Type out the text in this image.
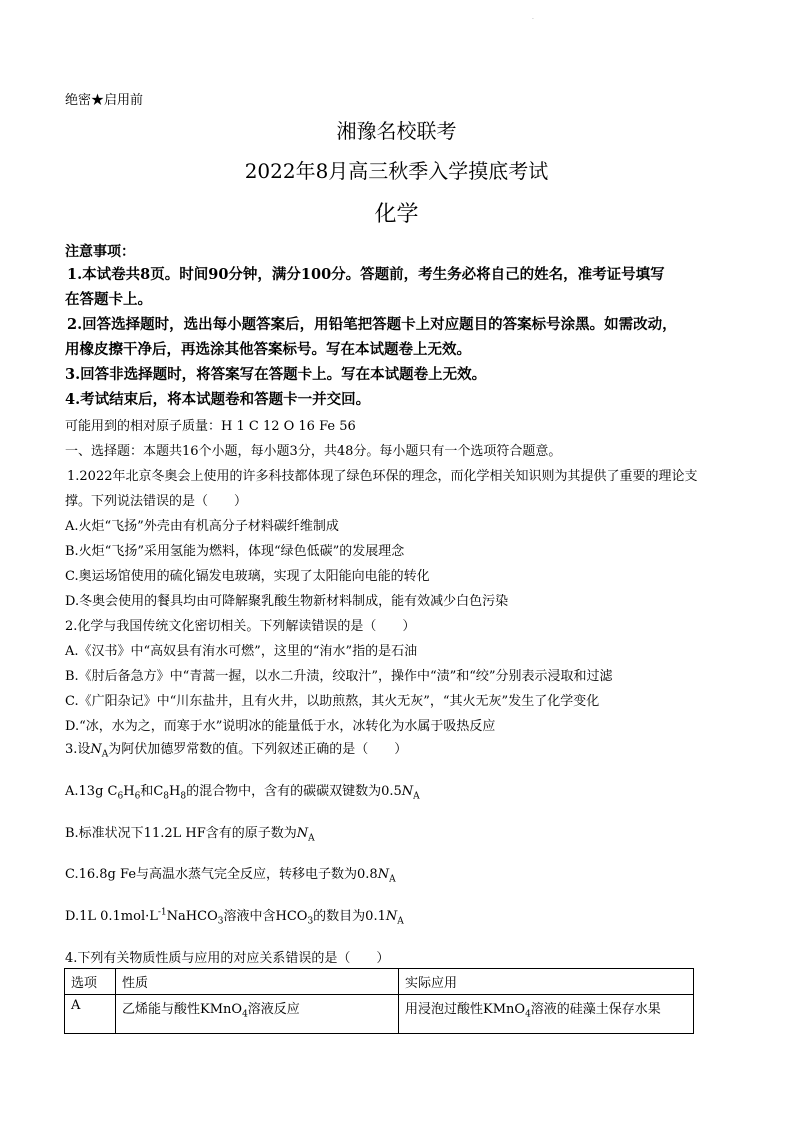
·
绝密★启用前
湘豫名校联考
2022年8月高三秋季入学摸底考试
化学
注意事项：
1.本试卷共8页。时间90分钟，满分100分。答题前，考生务必将自己的姓名，准考证号填写
在答题卡上。
2.回答选择题时，选出每小题答案后，用铅笔把答题卡上对应题目的答案标号涂黑。如需改动，
用橡皮擦干净后，再选涂其他答案标号。写在本试题卷上无效。
3.回答非选择题时，将答案写在答题卡上。写在本试题卷上无效。
4.考试结束后，将本试题卷和答题卡一并交回。
可能用到的相对原子质量：H 1 C 12 O 16 Fe 56
一、选择题：本题共16个小题，每小题3分，共48分。每小题只有一个选项符合题意。
1.2022年北京冬奥会上使用的许多科技都体现了绿色环保的理念，而化学相关知识则为其提供了重要的理论支
撑。下列说法错误的是（　　）
A.火炬“飞扬”外壳由有机高分子材料碳纤维制成
B.火炬“飞扬”采用氢能为燃料，体现“绿色低碳”的发展理念
C.奥运场馆使用的硫化镉发电玻璃，实现了太阳能向电能的转化
D.冬奥会使用的餐具均由可降解聚乳酸生物新材料制成，能有效减少白色污染
2.化学与我国传统文化密切相关。下列解读错误的是（　　）
A.《汉书》中“高奴县有洧水可燃”，这里的“洧水”指的是石油
B.《肘后备急方》中“青蒿一握，以水二升渍，绞取汁”，操作中“渍”和“绞”分别表示浸取和过滤
C.《广阳杂记》中“川东盐井，且有火井，以助煎熬，其火无灰”，“其火无灰”发生了化学变化
D.“冰，水为之，而寒于水”说明冰的能量低于水，冰转化为水属于吸热反应
3.设$N_A$为阿伏加德罗常数的值。下列叙述正确的是（　　）
A.13g $C_6H_6$和$C_8H_8$的混合物中，含有的碳碳双键数为$0.5N_A$
B.标准状况下11.2L HF含有的原子数为$N_A$
C.16.8g Fe与高温水蒸气完全反应，转移电子数为$0.8N_A$
D.1L $0.1mol\cdot L^{-1}NaHCO_3$溶液中含$HCO_3$的数目为$0.1N_A$
4.下列有关物质性质与应用的对应关系错误的是（　　）
选项	性质	实际应用
A	乙烯能与酸性KMnO$_4$溶液反应	用浸泡过酸性KMnO$_4$溶液的硅藻土保存水果
